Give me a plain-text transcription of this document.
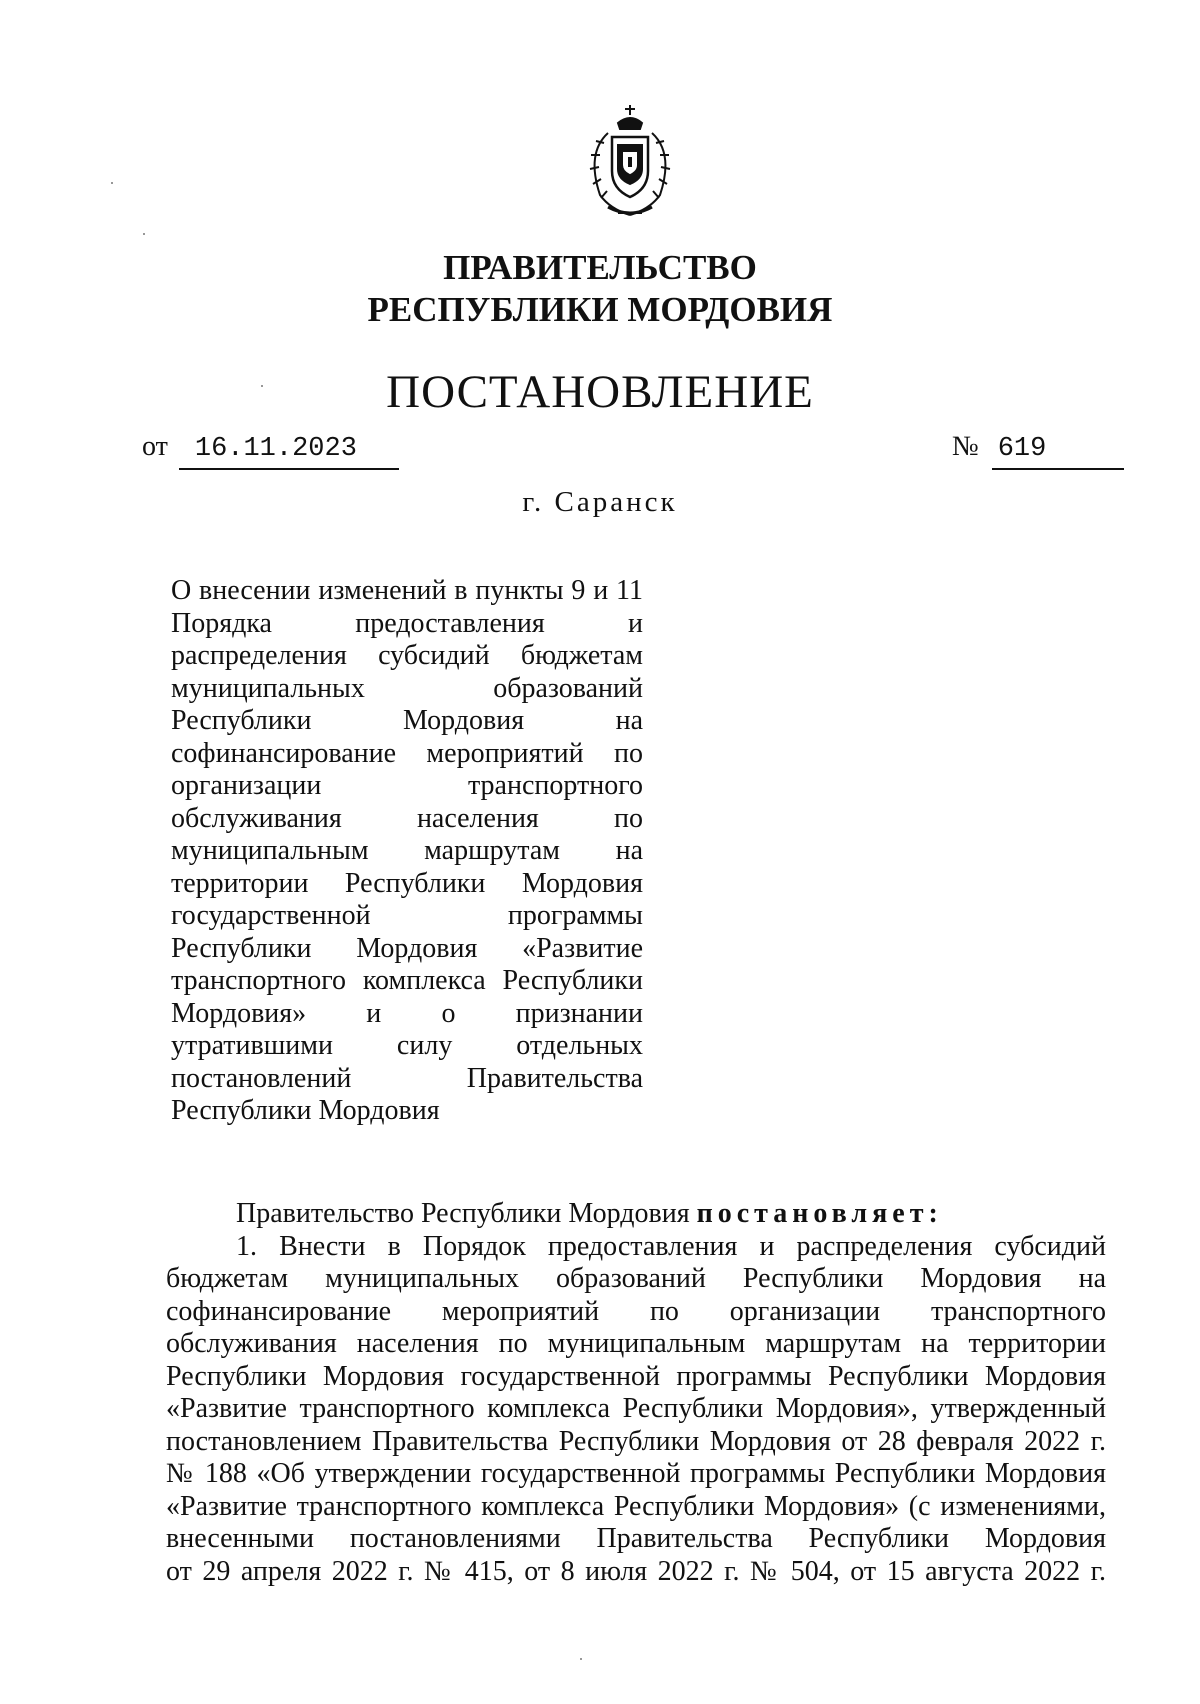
ПРАВИТЕЛЬСТВО
РЕСПУБЛИКИ МОРДОВИЯ
ПОСТАНОВЛЕНИЕ
от 16.11.2023	№ 619
г. Саранск

О внесении изменений в пункты 9 и 11

Порядка предоставления и

распределения субсидий бюджетам

муниципальных образований

Республики Мордовия на

софинансирование мероприятий по

организации транспортного

обслуживания населения по

муниципальным маршрутам на

территории Республики Мордовия

государственной программы

Республики Мордовия «Развитие

транспортного комплекса Республики

Мордовия» и о признании

утратившими силу отдельных

постановлений Правительства

Республики Мордовия

Правительство Республики Мордовия постановляет:

1. Внести в Порядок предоставления и распределения субсидий

бюджетам муниципальных образований Республики Мордовия на

софинансирование мероприятий по организации транспортного

обслуживания населения по муниципальным маршрутам на территории

Республики Мордовия государственной программы Республики Мордовия

«Развитие транспортного комплекса Республики Мордовия», утвержденный

постановлением Правительства Республики Мордовия от 28 февраля 2022 г.

№ 188 «Об утверждении государственной программы Республики Мордовия

«Развитие транспортного комплекса Республики Мордовия» (с изменениями,

внесенными постановлениями Правительства Республики Мордовия

от 29 апреля 2022 г. № 415, от 8 июля 2022 г. № 504, от 15 августа 2022 г.
